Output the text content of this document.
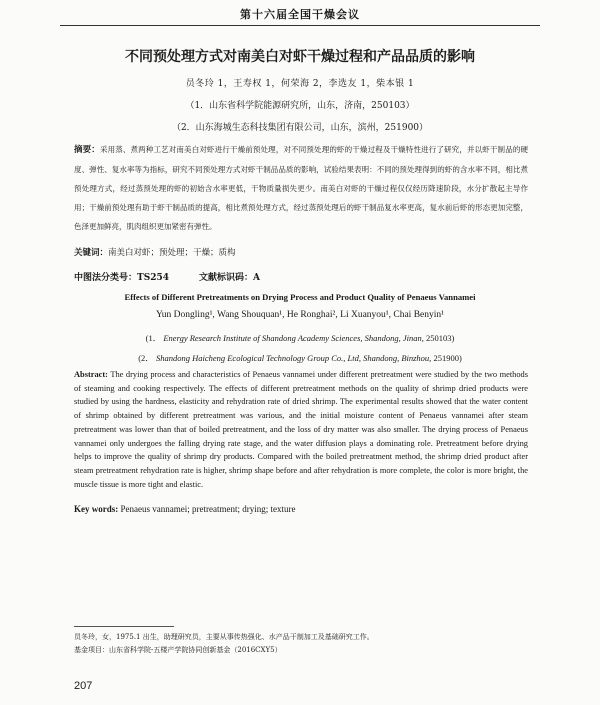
第十六届全国干燥会议
不同预处理方式对南美白对虾干燥过程和产品品质的影响
员冬玲 1，王寿权 1，何荣海 2，李选友 1，柴本银 1
（1．山东省科学院能源研究所，山东，济南，250103）
（2．山东海城生态科技集团有限公司，山东，滨州，251900）
摘要：采用蒸、煮两种工艺对南美白对虾进行干燥前预处理，对不同预处理的虾的干燥过程及干燥特性进行了研究，并以虾干制品的硬度、弹性、复水率等为指标，研究不同预处理方式对虾干制品品质的影响，试验结果表明：不同的预处理得到的虾的含水率不同，相比煮预处理方式，经过蒸预处理的虾的初始含水率更低，干物质量损失更少。南美白对虾的干燥过程仅仅经历降速阶段，水分扩散起主导作用；干燥前预处理有助于虾干制品质的提高，相比煮预处理方式，经过蒸预处理后的虾干制品复水率更高，复水前后虾的形态更加完整，色泽更加鲜亮，肌肉组织更加紧密有弹性。
关键词：南美白对虾；预处理；干燥；质构
中图法分类号：TS254	文献标识码：A
Effects of Different Pretreatments on Drying Process and Product Quality of Penaeus Vannamei
Yun Dongling¹, Wang Shouquan¹, He Ronghai², Li Xuanyou¹, Chai Benyin¹
(1． Energy Research Institute of Shandong Academy Sciences, Shandong, Jinan, 250103)
(2． Shandong Haicheng Ecological Technology Group Co., Ltd, Shandong, Binzhou, 251900)
Abstract: The drying process and characteristics of Penaeus vannamei under different pretreatment were studied by the two methods of steaming and cooking respectively. The effects of different pretreatment methods on the quality of shrimp dried products were studied by using the hardness, elasticity and rehydration rate of dried shrimp. The experimental results showed that the water content of shrimp obtained by different pretreatment was various, and the initial moisture content of Penaeus vannamei after steam pretreatment was lower than that of boiled pretreatment, and the loss of dry matter was also smaller. The drying process of Penaeus vannamei only undergoes the falling drying rate stage, and the water diffusion plays a dominating role. Pretreatment before drying helps to improve the quality of shrimp dry products. Compared with the boiled pretreatment method, the shrimp dried product after steam pretreatment rehydration rate is higher, shrimp shape before and after rehydration is more complete, the color is more bright, the muscle tissue is more tight and elastic.
Key words: Penaeus vannamei; pretreatment; drying; texture
员冬玲，女，1975.1 出生，助理研究员，主要从事传热强化、水产品干制加工及基础研究工作。
基金项目：山东省科学院-五楼产学院协同创新基金（2016CXY5）
207
